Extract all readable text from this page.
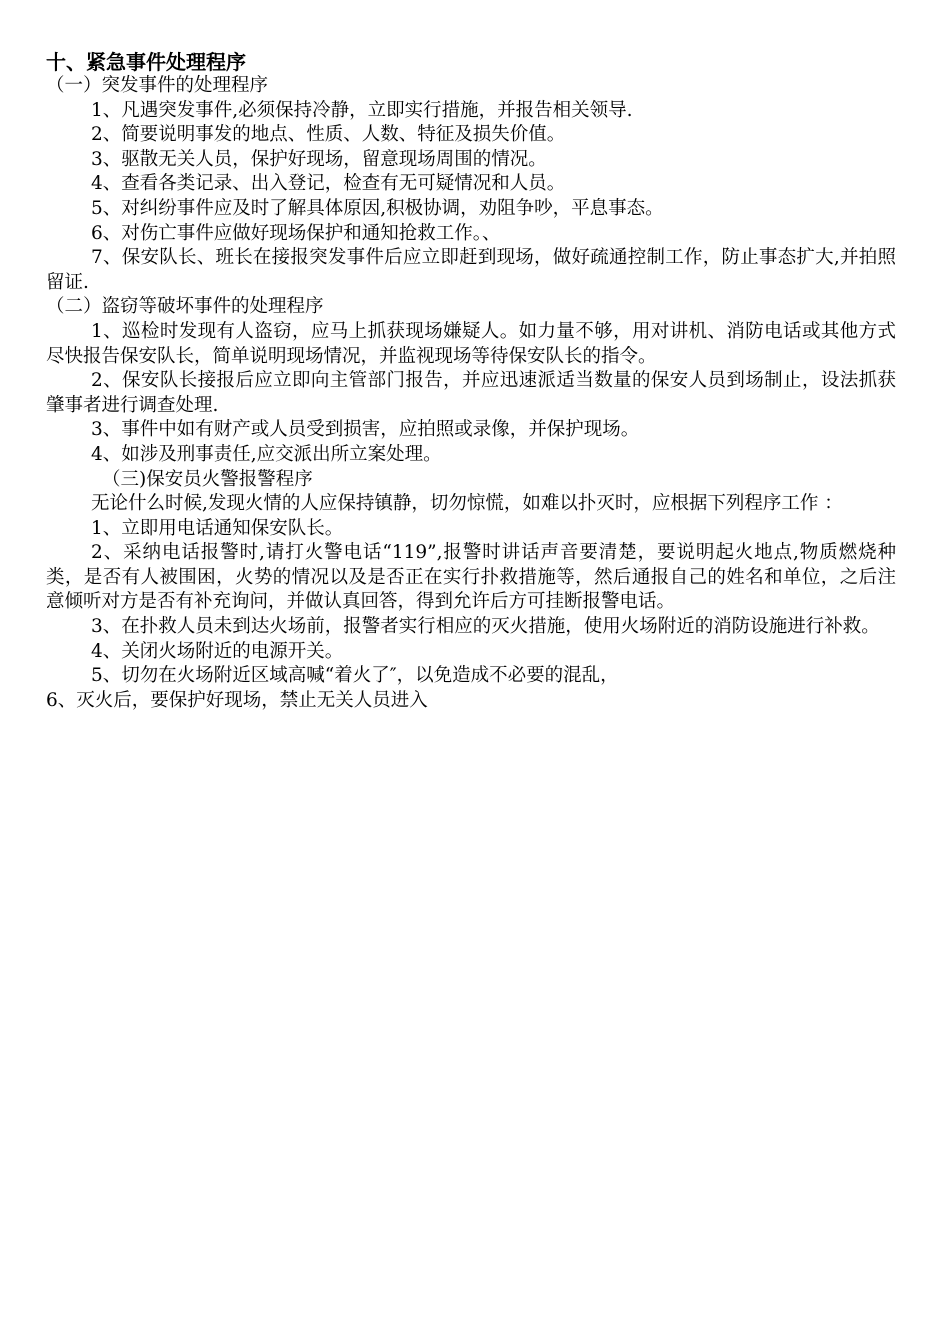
十、紧急事件处理程序

（一）突发事件的处理程序

1、凡遇突发事件,必须保持冷静，立即实行措施，并报告相关领导.

2、简要说明事发的地点、性质、人数、特征及损失价值。

3、驱散无关人员，保护好现场，留意现场周围的情况。

4、查看各类记录、出入登记，检查有无可疑情况和人员。

5、对纠纷事件应及时了解具体原因,积极协调，劝阻争吵，平息事态。

6、对伤亡事件应做好现场保护和通知抢救工作。、

7、保安队长、班长在接报突发事件后应立即赶到现场，做好疏通控制工作，防止事态扩大,并拍照留证.

（二）盗窃等破坏事件的处理程序

1、巡检时发现有人盗窃，应马上抓获现场嫌疑人。如力量不够，用对讲机、消防电话或其他方式尽快报告保安队长，简单说明现场情况，并监视现场等待保安队长的指令。

2、保安队长接报后应立即向主管部门报告，并应迅速派适当数量的保安人员到场制止，设法抓获肇事者进行调查处理.

3、事件中如有财产或人员受到损害，应拍照或录像，并保护现场。

4、如涉及刑事责任,应交派出所立案处理。

（三)保安员火警报警程序

无论什么时候,发现火情的人应保持镇静，切勿惊慌，如难以扑灭时，应根据下列程序工作 ：

1、立即用电话通知保安队长。

2、采纳电话报警时,请打火警电话“119”,报警时讲话声音要清楚，要说明起火地点,物质燃烧种类，是否有人被围困，火势的情况以及是否正在实行扑救措施等，然后通报自己的姓名和单位，之后注意倾听对方是否有补充询问，并做认真回答，得到允许后方可挂断报警电话。

3、在扑救人员未到达火场前，报警者实行相应的灭火措施，使用火场附近的消防设施进行补救。

4、关闭火场附近的电源开关。

5、切勿在火场附近区域高喊“着火了″，以免造成不必要的混乱，

6、灭火后，要保护好现场，禁止无关人员进入
